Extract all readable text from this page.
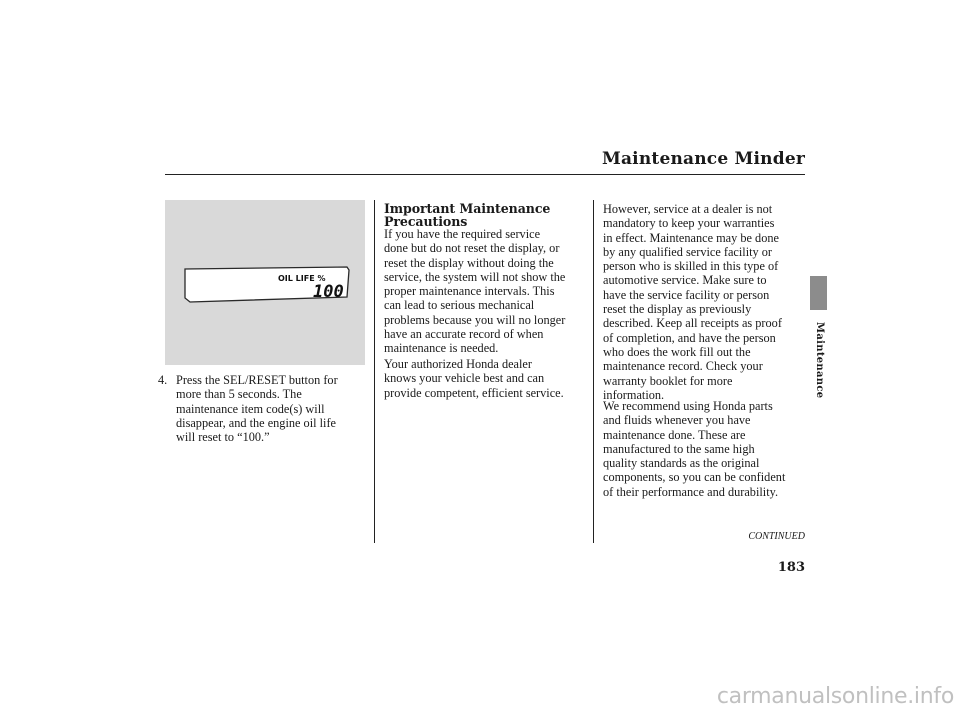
Maintenance Minder
OIL LIFE %
100
4. Press the SEL/RESET button for
more than 5 seconds. The
maintenance item code(s) will
disappear, and the engine oil life
will reset to “100.”
Important Maintenance
Precautions
If you have the required service
done but do not reset the display, or
reset the display without doing the
service, the system will not show the
proper maintenance intervals. This
can lead to serious mechanical
problems because you will no longer
have an accurate record of when
maintenance is needed.
Your authorized Honda dealer
knows your vehicle best and can
provide competent, efficient service.
However, service at a dealer is not
mandatory to keep your warranties
in effect. Maintenance may be done
by any qualified service facility or
person who is skilled in this type of
automotive service. Make sure to
have the service facility or person
reset the display as previously
described. Keep all receipts as proof
of completion, and have the person
who does the work fill out the
maintenance record. Check your
warranty booklet for more
information.
We recommend using Honda parts
and fluids whenever you have
maintenance done. These are
manufactured to the same high
quality standards as the original
components, so you can be confident
of their performance and durability.
Maintenance
CONTINUED
183
carmanualsonline.info
